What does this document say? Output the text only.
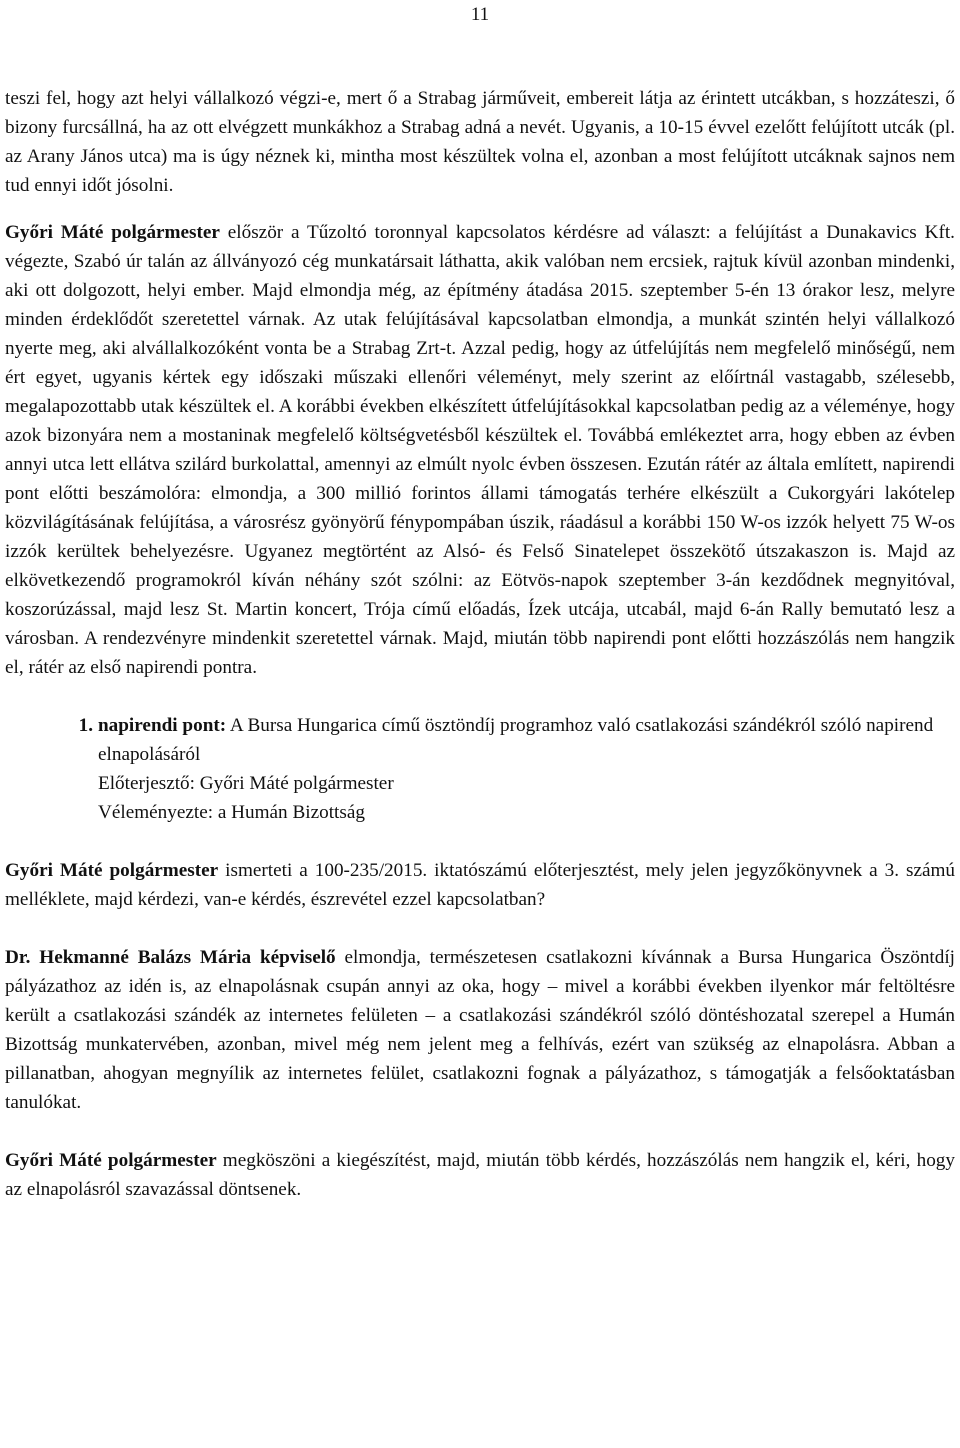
11

teszi fel, hogy azt helyi vállalkozó végzi-e, mert ő a Strabag járműveit, embereit látja az érintett utcákban, s hozzáteszi, ő bizony furcsállná, ha az ott elvégzett munkákhoz a Strabag adná a nevét. Ugyanis, a 10-15 évvel ezelőtt felújított utcák (pl. az Arany János utca) ma is úgy néznek ki, mintha most készültek volna el, azonban a most felújított utcáknak sajnos nem tud ennyi időt jósolni.

Győri Máté polgármester először a Tűzoltó toronnyal kapcsolatos kérdésre ad választ: a felújítást a Dunakavics Kft. végezte, Szabó úr talán az állványozó cég munkatársait láthatta, akik valóban nem ercsiek, rajtuk kívül azonban mindenki, aki ott dolgozott, helyi ember. Majd elmondja még, az építmény átadása 2015. szeptember 5-én 13 órakor lesz, melyre minden érdeklődőt szeretettel várnak. Az utak felújításával kapcsolatban elmondja, a munkát szintén helyi vállalkozó nyerte meg, aki alvállalkozóként vonta be a Strabag Zrt-t. Azzal pedig, hogy az útfelújítás nem megfelelő minőségű, nem ért egyet, ugyanis kértek egy időszaki műszaki ellenőri véleményt, mely szerint az előírtnál vastagabb, szélesebb, megalapozottabb utak készültek el. A korábbi években elkészített útfelújításokkal kapcsolatban pedig az a véleménye, hogy azok bizonyára nem a mostaninak megfelelő költségvetésből készültek el. Továbbá emlékeztet arra, hogy ebben az évben annyi utca lett ellátva szilárd burkolattal, amennyi az elmúlt nyolc évben összesen. Ezután rátér az általa említett, napirendi pont előtti beszámolóra: elmondja, a 300 millió forintos állami támogatás terhére elkészült a Cukorgyári lakótelep közvilágításának felújítása, a városrész gyönyörű fénypompában úszik, ráadásul a korábbi 150 W-os izzók helyett 75 W-os izzók kerültek behelyezésre. Ugyanez megtörtént az Alsó- és Felső Sinatelepet összekötő útszakaszon is. Majd az elkövetkezendő programokról kíván néhány szót szólni: az Eötvös-napok szeptember 3-án kezdődnek megnyitóval, koszorúzással, majd lesz St. Martin koncert, Trója című előadás, Ízek utcája, utcabál, majd 6-án Rally bemutató lesz a városban. A rendezvényre mindenkit szeretettel várnak. Majd, miután több napirendi pont előtti hozzászólás nem hangzik el, rátér az első napirendi pontra.

1. napirendi pont: A Bursa Hungarica című ösztöndíj programhoz való csatlakozási szándékról szóló napirend elnapolásáról

Előterjesztő: Győri Máté polgármester

Véleményezte: a Humán Bizottság

Győri Máté polgármester ismerteti a 100-235/2015. iktatószámú előterjesztést, mely jelen jegyzőkönyvnek a 3. számú melléklete, majd kérdezi, van-e kérdés, észrevétel ezzel kapcsolatban?

Dr. Hekmanné Balázs Mária képviselő elmondja, természetesen csatlakozni kívánnak a Bursa Hungarica Öszöntdíj pályázathoz az idén is, az elnapolásnak csupán annyi az oka, hogy – mivel a korábbi években ilyenkor már feltöltésre került a csatlakozási szándék az internetes felületen – a csatlakozási szándékról szóló döntéshozatal szerepel a Humán Bizottság munkatervében, azonban, mivel még nem jelent meg a felhívás, ezért van szükség az elnapolásra. Abban a pillanatban, ahogyan megnyílik az internetes felület, csatlakozni fognak a pályázathoz, s támogatják a felsőoktatásban tanulókat.

Győri Máté polgármester megköszöni a kiegészítést, majd, miután több kérdés, hozzászólás nem hangzik el, kéri, hogy az elnapolásról szavazással döntsenek.
